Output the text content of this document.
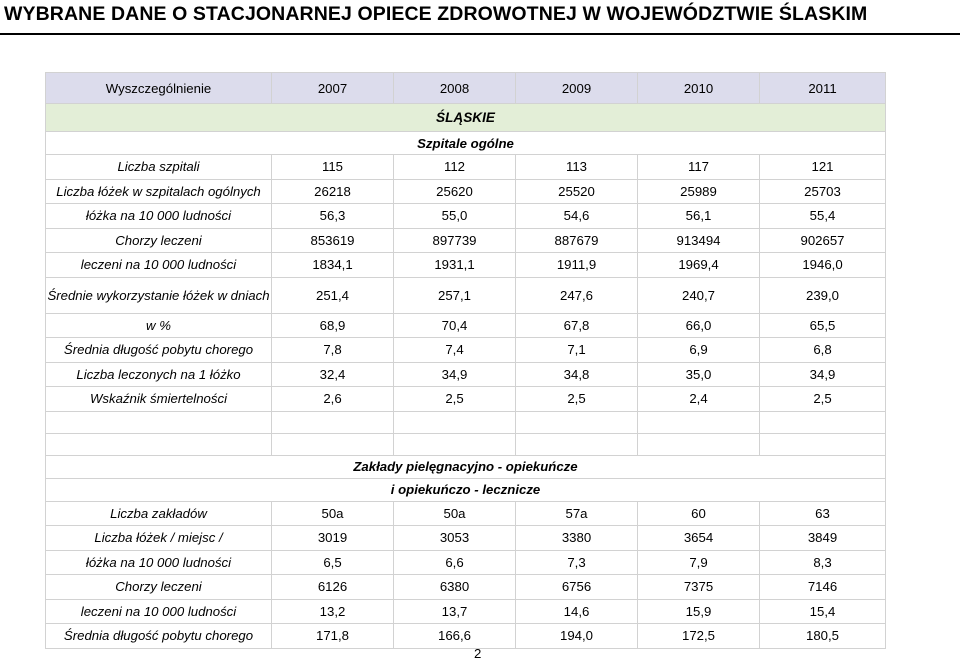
WYBRANE DANE O STACJONARNEJ OPIECE ZDROWOTNEJ W WOJEWÓDZTWIE ŚLASKIM
Wyszczególnienie	2007	2008	2009	2010	2011
ŚLĄSKIE					
Szpitale ogólne					
Liczba szpitali	115	112	113	117	121
Liczba łóżek w szpitalach ogólnych	26218	25620	25520	25989	25703
łóżka na 10 000 ludności	56,3	55,0	54,6	56,1	55,4
Chorzy leczeni	853619	897739	887679	913494	902657
leczeni na 10 000 ludności	1834,1	1931,1	1911,9	1969,4	1946,0
Średnie wykorzystanie łóżek w dniach	251,4	257,1	247,6	240,7	239,0
w %	68,9	70,4	67,8	66,0	65,5
Średnia długość pobytu chorego	7,8	7,4	7,1	6,9	6,8
Liczba leczonych na 1 łóżko	32,4	34,9	34,8	35,0	34,9
Wskaźnik śmiertelności	2,6	2,5	2,5	2,4	2,5

Zakłady pielęgnacyjno - opiekuńcze					
i opiekuńczo - lecznicze					
Liczba zakładów	50a	50a	57a	60	63
Liczba łóżek / miejsc /	3019	3053	3380	3654	3849
łóżka na 10 000 ludności	6,5	6,6	7,3	7,9	8,3
Chorzy leczeni	6126	6380	6756	7375	7146
leczeni na 10 000 ludności	13,2	13,7	14,6	15,9	15,4
Średnia długość pobytu chorego	171,8	166,6	194,0	172,5	180,5
2
